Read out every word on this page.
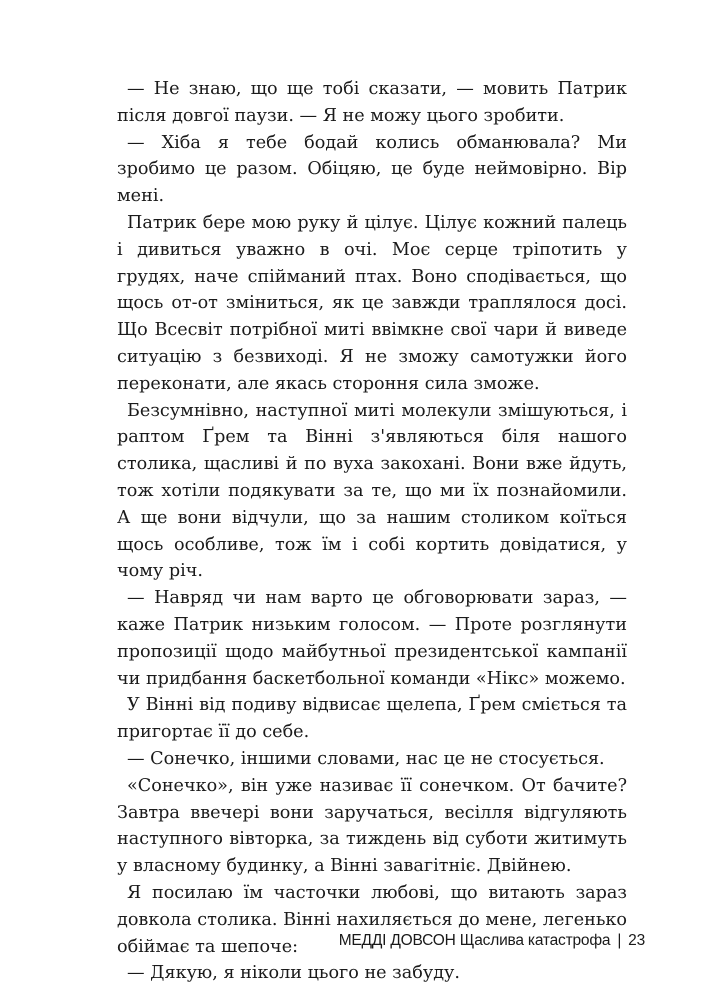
— Не знаю, що ще тобі сказати, — мовить Патрик після довгої паузи. — Я не можу цього зробити.

— Хіба я тебе бодай колись обманювала? Ми зробимо це разом. Обіцяю, це буде неймовірно. Вір мені.

Патрик бере мою руку й цілує. Цілує кожний палець і дивиться уважно в очі. Моє серце тріпотить у грудях, наче спійманий птах. Воно сподівається, що щось от-от зміниться, як це завжди траплялося досі. Що Всесвіт потрібної миті ввімкне свої чари й виведе ситуацію з безвиході. Я не зможу самотужки його переконати, але якась стороння сила зможе.

Безсумнівно, наступної миті молекули змішуються, і раптом Ґрем та Вінні з'являються біля нашого столика, щасливі й по вуха закохані. Вони вже йдуть, тож хотіли подякувати за те, що ми їх познайомили. А ще вони відчули, що за нашим столиком коїться щось особливе, тож їм і собі кортить довідатися, у чому річ.

— Навряд чи нам варто це обговорювати зараз, — каже Патрик низьким голосом. — Проте розглянути пропозиції щодо майбутньої президентської кампанії чи придбання баскетбольної команди «Нікс» можемо.

У Вінні від подиву відвисає щелепа, Ґрем сміється та пригортає її до себе.

— Сонечко, іншими словами, нас це не стосується.

«Сонечко», він уже називає її сонечком. От бачите? Завтра ввечері вони заручаться, весілля відгуляють наступного вівторка, за тиждень від суботи житимуть у власному будинку, а Вінні завагітніє. Двійнею.

Я посилаю їм часточки любові, що витають зараз довкола столика. Вінні нахиляється до мене, легенько обіймає та шепоче:

— Дякую, я ніколи цього не забуду.

МЕДДІ ДОВСОН Щаслива катастрофа | 23
